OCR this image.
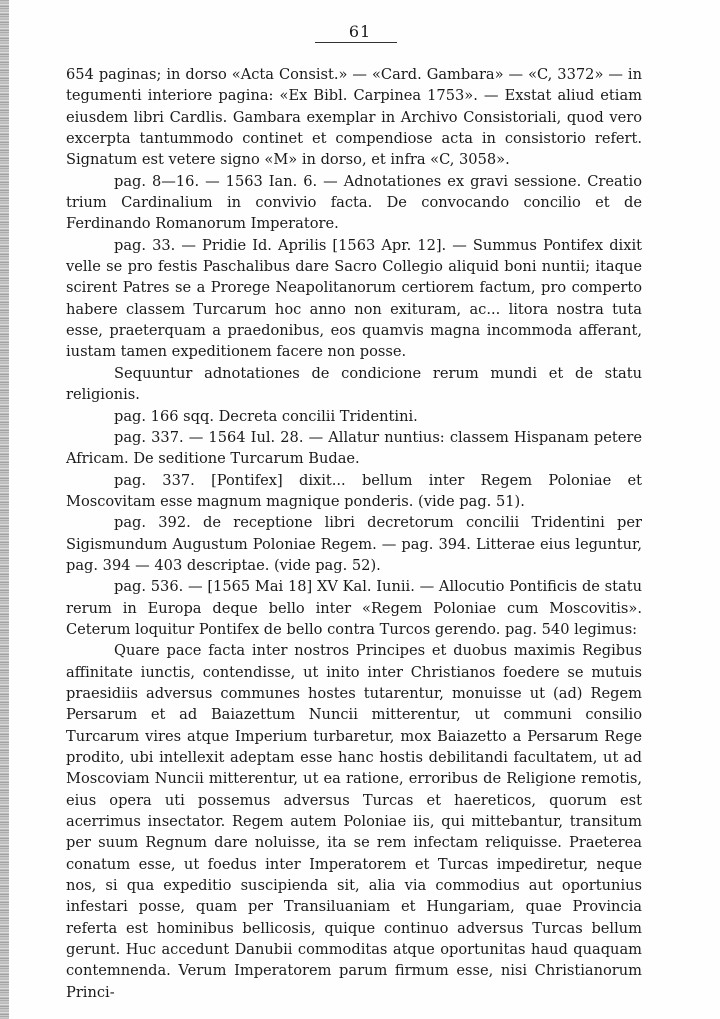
61

654 paginas; in dorso «Acta Consist.» — «Card. Gambara» — «C, 3372» — in tegumenti interiore pagina: «Ex Bibl. Carpinea 1753». — Exstat aliud etiam eiusdem libri Cardlis. Gambara exemplar in Archivo Consistoriali, quod vero excerpta tantummodo continet et compendiose acta in consistorio refert. Signatum est vetere signo «M» in dorso, et infra «C, 3058».

pag. 8—16. — 1563 Ian. 6. — Adnotationes ex gravi sessione. Creatio trium Cardinalium in convivio facta. De convocando concilio et de Ferdinando Romanorum Imperatore.

pag. 33. — Pridie Id. Aprilis [1563 Apr. 12]. — Summus Pontifex dixit velle se pro festis Paschalibus dare Sacro Collegio aliquid boni nuntii; itaque scirent Patres se a Prorege Neapolitanorum certiorem factum, pro comperto habere classem Turcarum hoc anno non exituram, ac... litora nostra tuta esse, praeterquam a praedonibus, eos quamvis magna incommoda afferant, iustam tamen expeditionem facere non posse.

Sequuntur adnotationes de condicione rerum mundi et de statu religionis.

pag. 166 sqq. Decreta concilii Tridentini.

pag. 337. — 1564 Iul. 28. — Allatur nuntius: classem Hispanam petere Africam. De seditione Turcarum Budae.

pag. 337. [Pontifex] dixit... bellum inter Regem Poloniae et Moscovitam esse magnum magnique ponderis. (vide pag. 51).

pag. 392. de receptione libri decretorum concilii Tridentini per Sigismundum Augustum Poloniae Regem. — pag. 394. Litterae eius leguntur, pag. 394 — 403 descriptae. (vide pag. 52).

pag. 536. — [1565 Mai 18] XV Kal. Iunii. — Allocutio Pontificis de statu rerum in Europa deque bello inter «Regem Poloniae cum Moscovitis». Ceterum loquitur Pontifex de bello contra Turcos gerendo. pag. 540 legimus:

Quare pace facta inter nostros Principes et duobus maximis Regibus affinitate iunctis, contendisse, ut inito inter Christianos foedere se mutuis praesidiis adversus communes hostes tutarentur, monuisse ut (ad) Regem Persarum et ad Baiazettum Nuncii mitterentur, ut communi consilio Turcarum vires atque Imperium turbaretur, mox Baiazetto a Persarum Rege prodito, ubi intellexit adeptam esse hanc hostis debilitandi facultatem, ut ad Moscoviam Nuncii mitterentur, ut ea ratione, erroribus de Religione remotis, eius opera uti possemus adversus Turcas et haereticos, quorum est acerrimus insectator. Regem autem Poloniae iis, qui mittebantur, transitum per suum Regnum dare noluisse, ita se rem infectam reliquisse. Praeterea conatum esse, ut foedus inter Imperatorem et Turcas impediretur, neque nos, si qua expeditio suscipienda sit, alia via commodius aut oportunius infestari posse, quam per Transiluaniam et Hungariam, quae Provincia referta est hominibus bellicosis, quique continuo adversus Turcas bellum gerunt. Huc accedunt Danubii commoditas atque oportunitas haud quaquam contemnenda. Verum Imperatorem parum firmum esse, nisi Christianorum Princi-
